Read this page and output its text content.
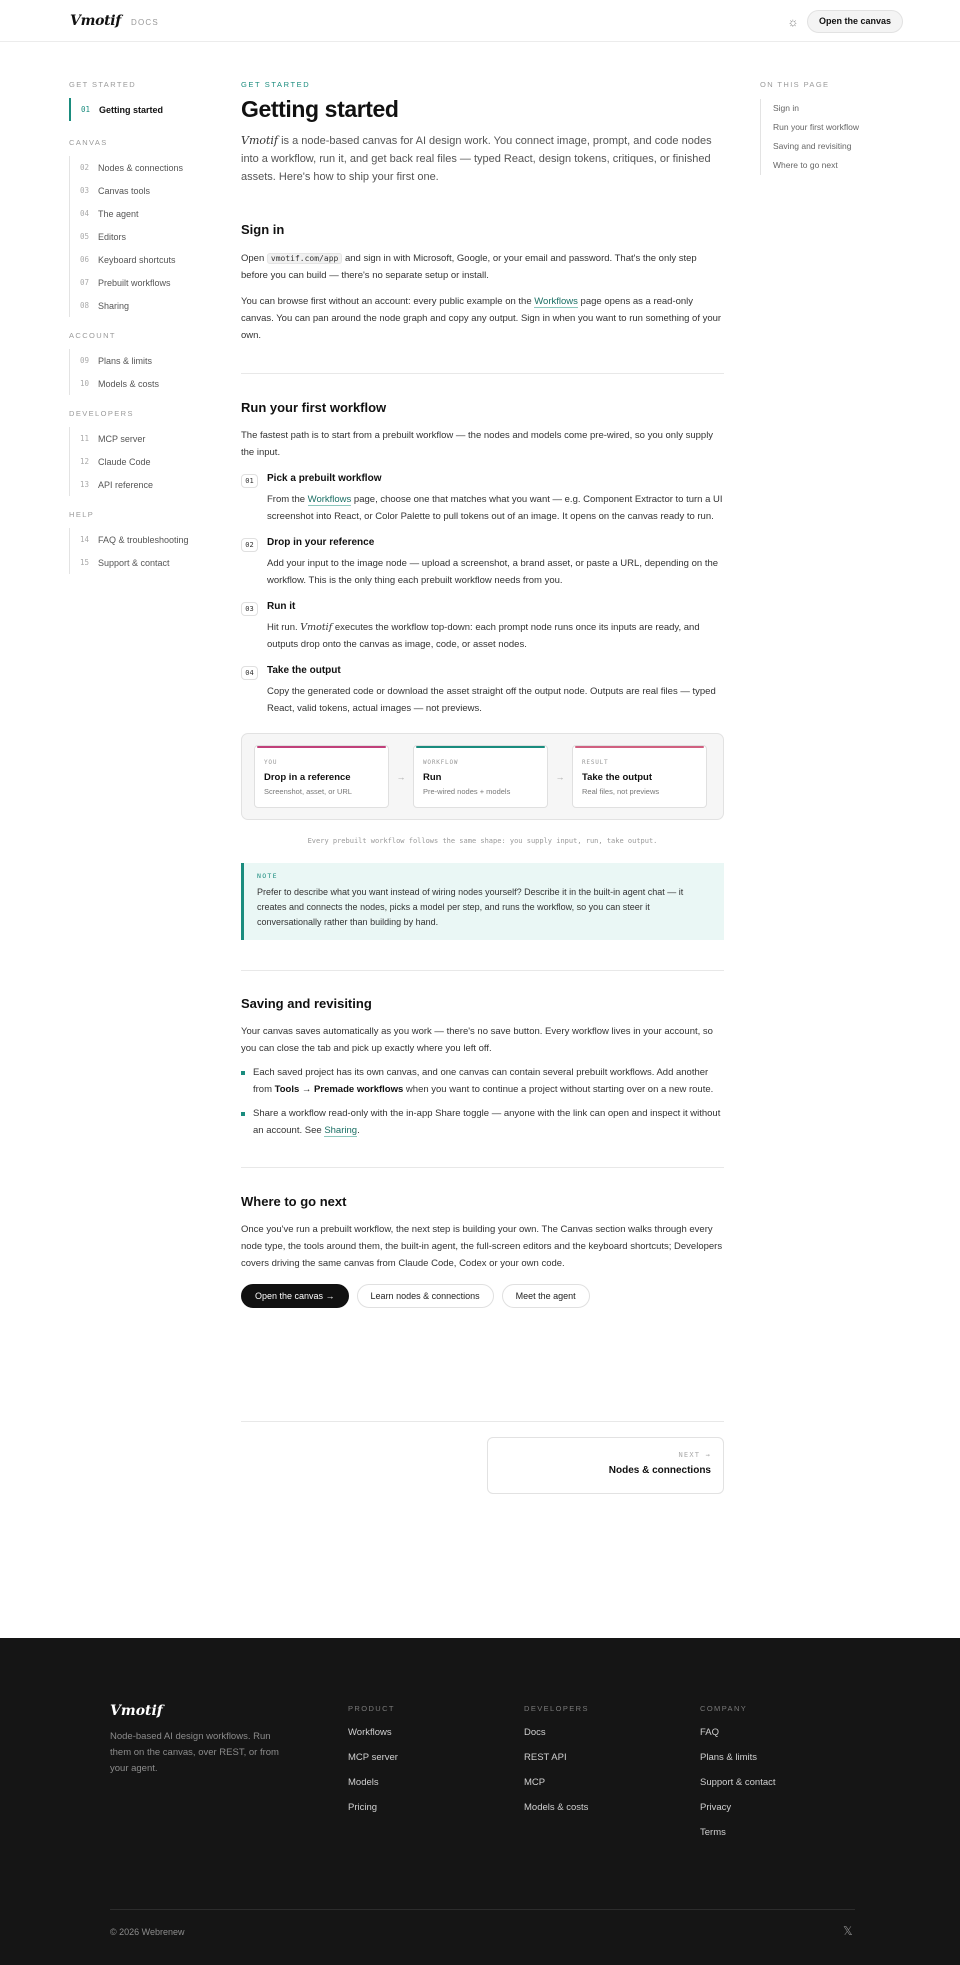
Vmotif DOCS	☼	Open the canvas
GET STARTED
01 Getting started
CANVAS
02 Nodes & connections
03 Canvas tools
04 The agent
05 Editors
06 Keyboard shortcuts
07 Prebuilt workflows
08 Sharing
ACCOUNT
09 Plans & limits
10 Models & costs
DEVELOPERS
11 MCP server
12 Claude Code
13 API reference
HELP
14 FAQ & troubleshooting
15 Support & contact
ON THIS PAGE
Sign in
Run your first workflow
Saving and revisiting
Where to go next
GET STARTED
Getting started
Vmotif is a node-based canvas for AI design work. You connect image, prompt, and code nodes into a workflow, run it, and get back real files — typed React, design tokens, critiques, or finished assets. Here's how to ship your first one.
Sign in
Open vmotif.com/app and sign in with Microsoft, Google, or your email and password. That's the only step before you can build — there's no separate setup or install.
You can browse first without an account: every public example on the Workflows page opens as a read-only canvas. You can pan around the node graph and copy any output. Sign in when you want to run something of your own.
Run your first workflow
The fastest path is to start from a prebuilt workflow — the nodes and models come pre-wired, so you only supply the input.
01	Pick a prebuilt workflow
From the Workflows page, choose one that matches what you want — e.g. Component Extractor to turn a UI screenshot into React, or Color Palette to pull tokens out of an image. It opens on the canvas ready to run.
02	Drop in your reference
Add your input to the image node — upload a screenshot, a brand asset, or paste a URL, depending on the workflow. This is the only thing each prebuilt workflow needs from you.
03	Run it
Hit run. Vmotif executes the workflow top-down: each prompt node runs once its inputs are ready, and outputs drop onto the canvas as image, code, or asset nodes.
04	Take the output
Copy the generated code or download the asset straight off the output node. Outputs are real files — typed React, valid tokens, actual images — not previews.
YOU
Drop in a reference
Screenshot, asset, or URL
→
WORKFLOW
Run
Pre-wired nodes + models
→
RESULT
Take the output
Real files, not previews
Every prebuilt workflow follows the same shape: you supply input, run, take output.
NOTE
Prefer to describe what you want instead of wiring nodes yourself? Describe it in the built-in agent chat — it creates and connects the nodes, picks a model per step, and runs the workflow, so you can steer it conversationally rather than building by hand.
Saving and revisiting
Your canvas saves automatically as you work — there's no save button. Every workflow lives in your account, so you can close the tab and pick up exactly where you left off.
Each saved project has its own canvas, and one canvas can contain several prebuilt workflows. Add another from Tools → Premade workflows when you want to continue a project without starting over on a new route.
Share a workflow read-only with the in-app Share toggle — anyone with the link can open and inspect it without an account. See Sharing.
Where to go next
Once you've run a prebuilt workflow, the next step is building your own. The Canvas section walks through every node type, the tools around them, the built-in agent, the full-screen editors and the keyboard shortcuts; Developers covers driving the same canvas from Claude Code, Codex or your own code.
Open the canvas →	Learn nodes & connections	Meet the agent
NEXT →
Nodes & connections
Vmotif
Node-based AI design workflows. Run them on the canvas, over REST, or from your agent.
PRODUCT
Workflows
MCP server
Models
Pricing
DEVELOPERS
Docs
REST API
MCP
Models & costs
COMPANY
FAQ
Plans & limits
Support & contact
Privacy
Terms
© 2026 Webrenew	𝕏
